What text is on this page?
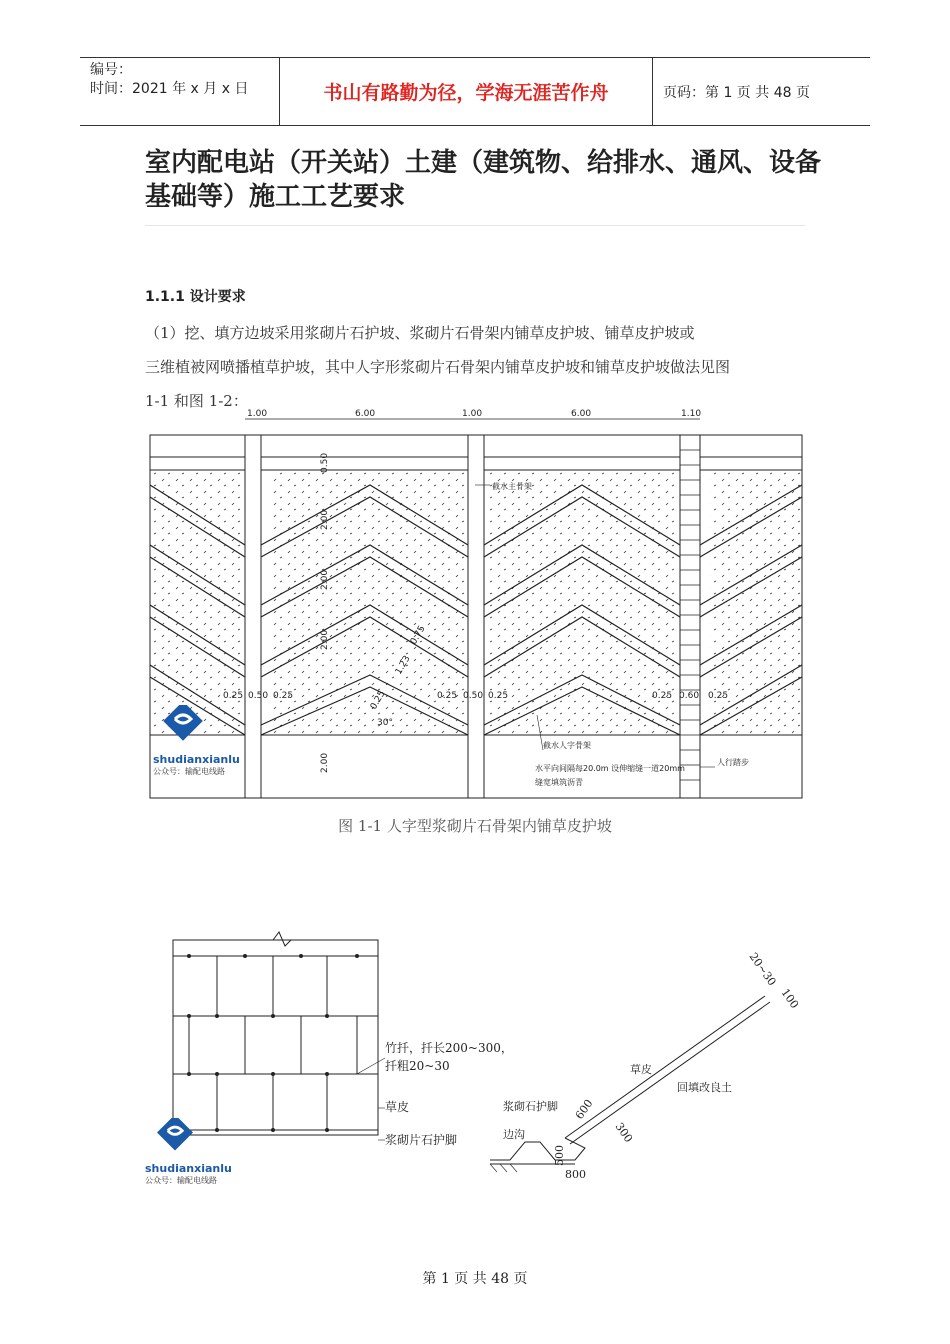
编号：
时间：2021 年 x 月 x 日	书山有路勤为径，学海无涯苦作舟	页码：第 1 页 共 48 页
室内配电站（开关站）土建（建筑物、给排水、通风、设备基础等）施工工艺要求
1.1.1 设计要求
（1）挖、填方边坡采用浆砌片石护坡、浆砌片石骨架内铺草皮护坡、铺草皮护坡或
三维植被网喷播植草护坡，其中人字形浆砌片石骨架内铺草皮护坡和铺草皮护坡做法见图
1-1 和图 1-2：
1.00	6.00	1.00	6.00	1.10
0.50
2.00
2.00
2.00
2.00
0.25 0.50 0.25	0.25 0.50 0.25	0.25 0.60 0.25
30°
0.25
0.75
1.23
截水主骨架
截水人字骨架
水平向间隔每20.0m 设伸缩缝一道20mm
缝宽填筑沥青
人行踏步
shudianxianlu
公众号：输配电线路
图 1-1 人字型浆砌片石骨架内铺草皮护坡
竹扦，扦长200~300，
扦粗20~30
草皮
浆砌片石护脚
草皮
回填改良土
浆砌石护脚
边沟
20~30
100
600
300
500
800
shudianxianlu
公众号：输配电线路
第 1 页 共 48 页
